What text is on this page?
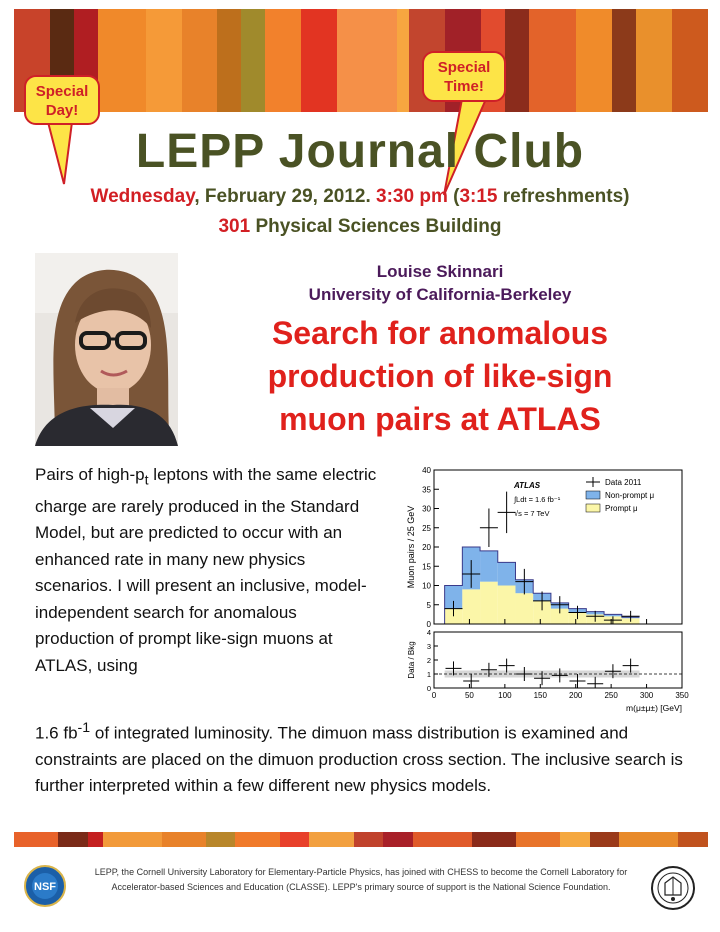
Special
Day!
Special
Time!
LEPP Journal Club
Wednesday, February 29, 2012. 3:30 pm (3:15 refreshments)
301 Physical Sciences Building
Louise Skinnari
University of California-Berkeley
Search for anomalous production of like-sign muon pairs at ATLAS
Pairs of high-$p_t$ leptons with the same electric charge are rarely produced in the Standard Model, but are predicted to occur with an enhanced rate in many new physics scenarios. I will present an inclusive, model-independent search for anomalous production of prompt like-sign muons at ATLAS, using
1.6 $fb^{-1}$ of integrated luminosity. The dimuon mass distribution is examined and constraints are placed on the dimuon production cross section. The inclusive search is further interpreted within a few different new physics models.
0
5
10
15
20
25
30
35
40
Muon pairs / 25 GeV
ATLAS
∫Ldt = 1.6 fb⁻¹
√s = 7 TeV
Data 2011
Non-prompt μ
Prompt μ
0
1
2
3
4
0	50	100	150	200	250	300	350
Data / Bkg
m(μ±μ±) [GeV]
NSF
LEPP, the Cornell University Laboratory for Elementary-Particle Physics, has joined with CHESS to become the Cornell Laboratory for Accelerator-based Sciences and Education (CLASSE). LEPP's primary source of support is the National Science Foundation.
